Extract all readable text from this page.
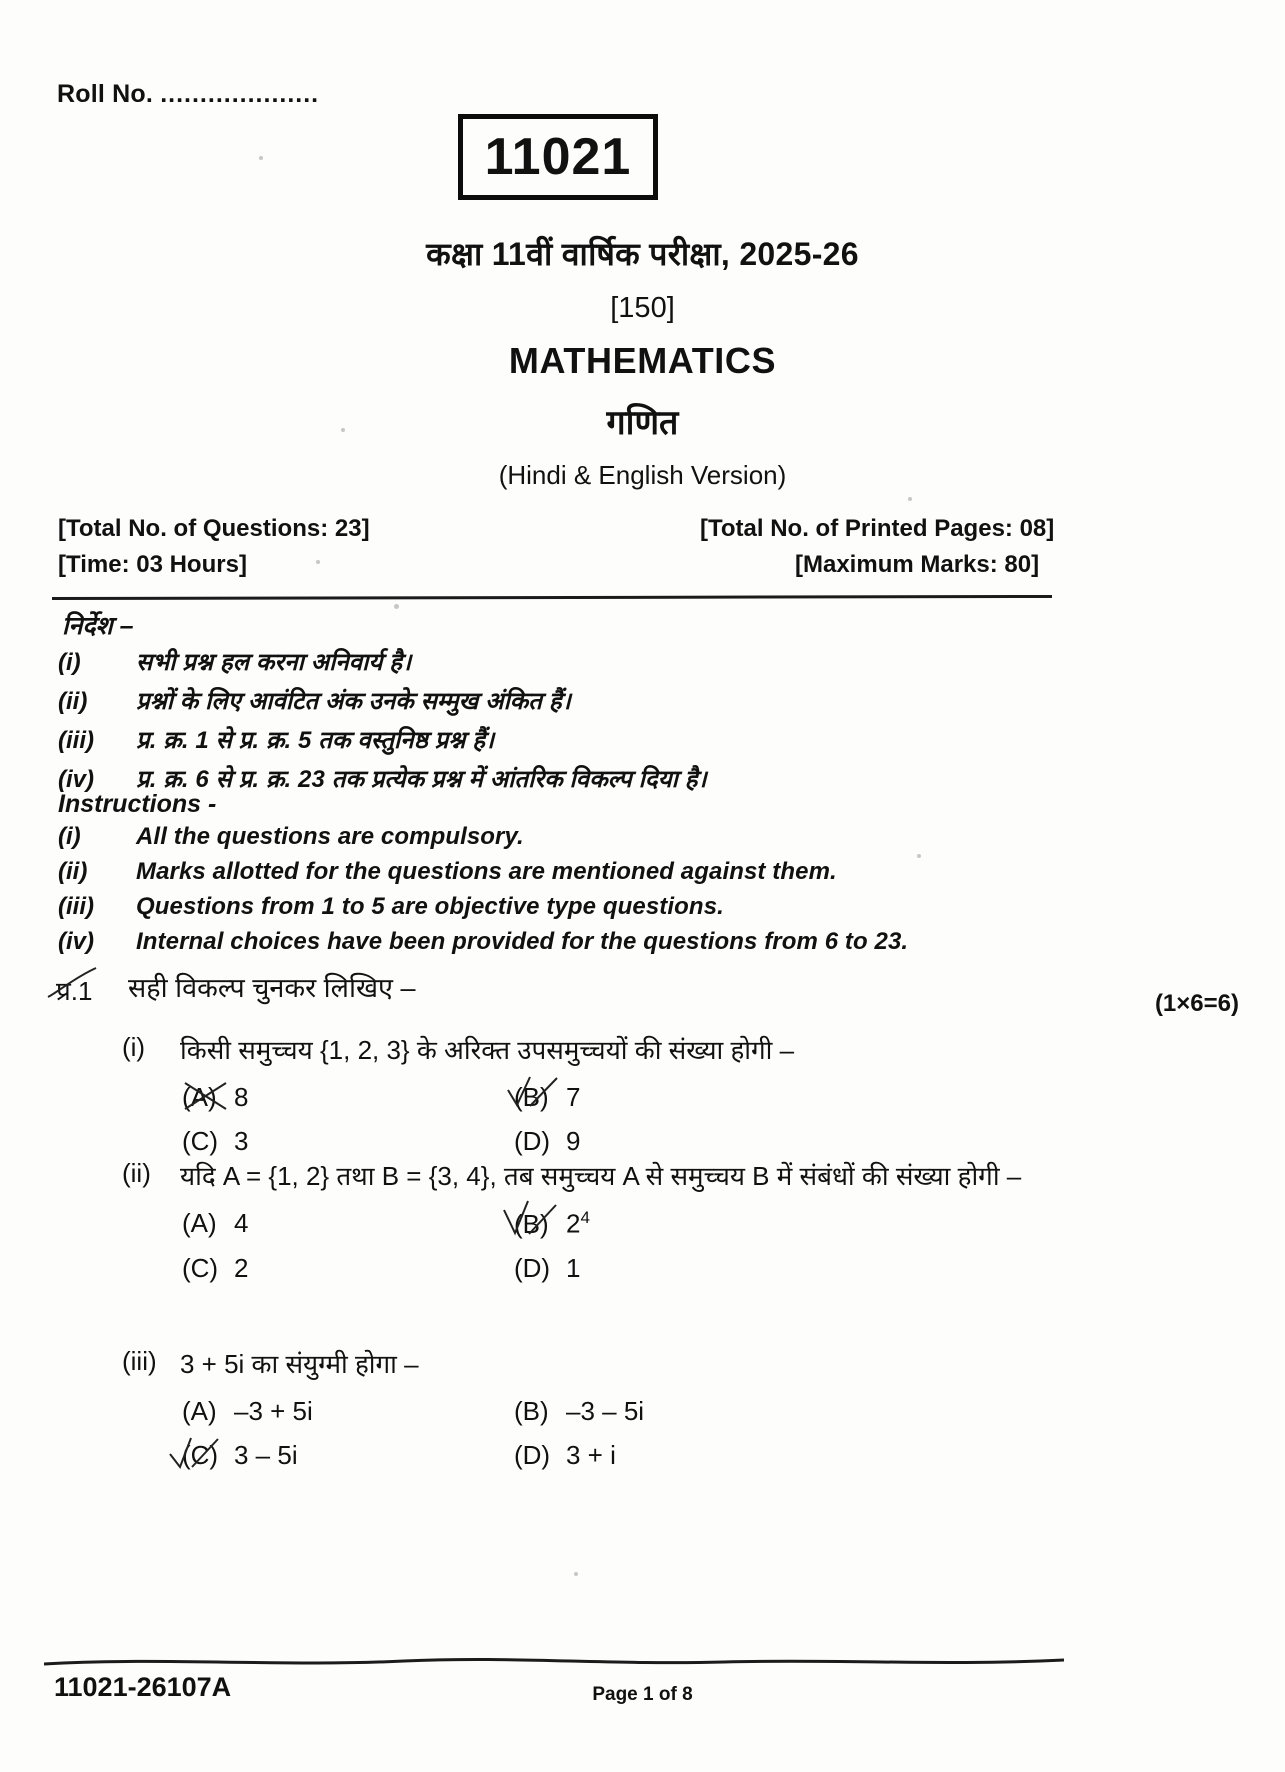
Roll No. ....................
11021
कक्षा 11वीं वार्षिक परीक्षा, 2025-26
[150]
MATHEMATICS
गणित
(Hindi & English Version)
[Total No. of Questions: 23]
[Time: 03 Hours]
[Total No. of Printed Pages: 08]
[Maximum Marks: 80]
निर्देश –
(i)	सभी प्रश्न हल करना अनिवार्य है।
(ii)	प्रश्नों के लिए आवंटित अंक उनके सम्मुख अंकित हैं।
(iii)	प्र. क्र. 1 से प्र. क्र. 5 तक वस्तुनिष्ठ प्रश्न हैं।
(iv)	प्र. क्र. 6 से प्र. क्र. 23 तक प्रत्येक प्रश्न में आंतरिक विकल्प दिया है।
Instructions -
(i)	All the questions are compulsory.
(ii)	Marks allotted for the questions are mentioned against them.
(iii)	Questions from 1 to 5 are objective type questions.
(iv)	Internal choices have been provided for the questions from 6 to 23.
प्र.1 सही विकल्प चुनकर लिखिए –
(1×6=6)
(i)	किसी समुच्चय {1, 2, 3} के अरिक्त उपसमुच्चयों की संख्या होगी –
(A) 8	(B) 7
(C) 3	(D) 9
(ii)	यदि A = {1, 2} तथा B = {3, 4}, तब समुच्चय A से समुच्चय B में संबंधों की संख्या होगी –
(A) 4	(B) $2^4$
(C) 2	(D) 1
(iii) 3 + 5i का संयुग्मी होगा –
(A) –3 + 5i	(B) –3 – 5i
(C) 3 – 5i	(D) 3 + i
11021-26107A	Page 1 of 8
